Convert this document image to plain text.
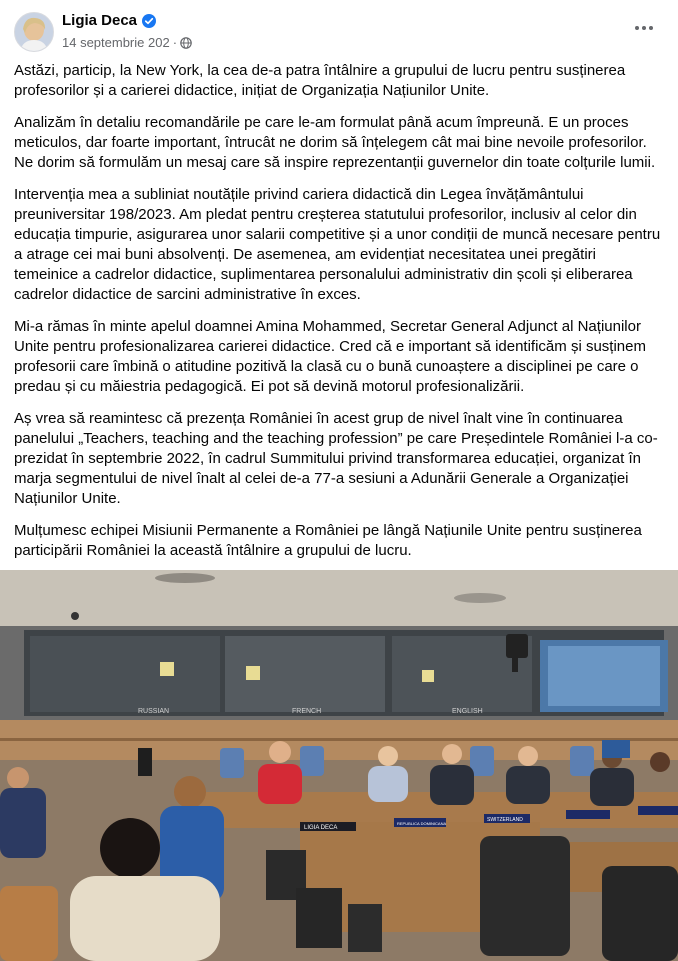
Ligia Deca
14 septembrie 202 ·

Astăzi, particip, la New York, la cea de-a patra întâlnire a grupului de lucru pentru susținerea profesorilor și a carierei didactice, inițiat de Organizația Națiunilor Unite.

Analizăm în detaliu recomandările pe care le-am formulat până acum împreună. E un proces meticulos, dar foarte important, întrucât ne dorim să înțelegem cât mai bine nevoile profesorilor. Ne dorim să formulăm un mesaj care să inspire reprezentanții guvernelor din toate colțurile lumii.

Intervenția mea a subliniat noutățile privind cariera didactică din Legea învățământului preuniversitar 198/2023. Am pledat pentru creșterea statutului profesorilor, inclusiv al celor din educația timpurie, asigurarea unor salarii competitive și a unor condiții de muncă necesare pentru a atrage cei mai buni absolvenți. De asemenea, am evidențiat necesitatea unei pregătiri temeinice a cadrelor didactice, suplimentarea personalului administrativ din școli și eliberarea cadrelor didactice de sarcini administrative în exces.

Mi-a rămas în minte apelul doamnei Amina Mohammed, Secretar General Adjunct al Națiunilor Unite pentru profesionalizarea carierei didactice. Cred că e important să identificăm și susținem profesorii care îmbină o atitudine pozitivă la clasă cu o bună cunoaștere a disciplinei pe care o predau și cu măiestria pedagogică. Ei pot să devină motorul profesionalizării.

Aș vrea să reamintesc că prezența României în acest grup de nivel înalt vine în continuarea panelului „Teachers, teaching and the teaching profession” pe care Președintele României l-a co-prezidat în septembrie 2022, în cadrul Summitului privind transformarea educației, organizat în marja segmentului de nivel înalt al celei de-a 77-a sesiuni a Adunării Generale a Organizației Națiunilor Unite.

Mulțumesc echipei Misiunii Permanente a României pe lângă Națiunile Unite pentru susținerea participării României la această întâlnire a grupului de lucru.

RUSSIAN	FRENCH	ENGLISH
LIGIA DECA
REPUBLICA DOMINICANA
SWITZERLAND
